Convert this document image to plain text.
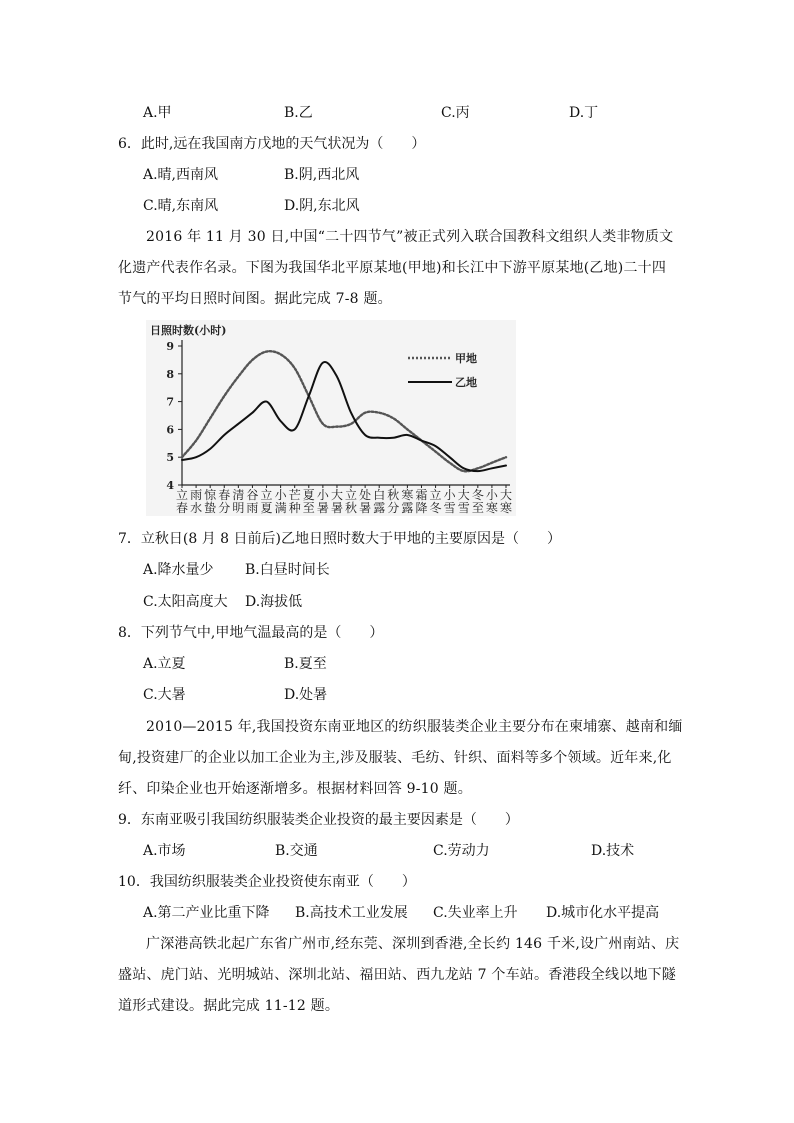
A.甲	B.乙	C.丙	D.丁
6．此时,远在我国南方戊地的天气状况为（　　）
A.晴,西南风	B.阴,西北风
C.晴,东南风	D.阴,东北风
2016 年 11 月 30 日,中国“二十四节气”被正式列入联合国教科文组织人类非物质文
化遗产代表作名录。下图为我国华北平原某地(甲地)和长江中下游平原某地(乙地)二十四
节气的平均日照时间图。据此完成 7-8 题。
日照时数(小时)
4
5
6
7
8
9
立
春
雨
水
惊
蛰
春
分
清
明
谷
雨
立
夏
小
满
芒
种
夏
至
小
暑
大
暑
立
秋
处
暑
白
露
秋
分
寒
露
霜
降
立
冬
小
雪
大
雪
冬
至
小
寒
大
寒
甲地
乙地
7．立秋日(8 月 8 日前后)乙地日照时数大于甲地的主要原因是（　　）
A.降水量少 B.白昼时间长
C.太阳高度大 D.海拔低
8．下列节气中,甲地气温最高的是（　　）
A.立夏	B.夏至
C.大暑	D.处暑
2010—2015 年,我国投资东南亚地区的纺织服装类企业主要分布在柬埔寨、越南和缅
甸,投资建厂的企业以加工企业为主,涉及服装、毛纺、针织、面料等多个领域。近年来,化
纤、印染企业也开始逐渐增多。根据材料回答 9-10 题。
9．东南亚吸引我国纺织服装类企业投资的最主要因素是（　　）
A.市场	B.交通	C.劳动力	D.技术
10．我国纺织服装类企业投资使东南亚（　　）
A.第二产业比重下降 B.高技术工业发展 C.失业率上升 D.城市化水平提高
广深港高铁北起广东省广州市,经东莞、深圳到香港,全长约 146 千米,设广州南站、庆
盛站、虎门站、光明城站、深圳北站、福田站、西九龙站 7 个车站。香港段全线以地下隧
道形式建设。据此完成 11-12 题。
